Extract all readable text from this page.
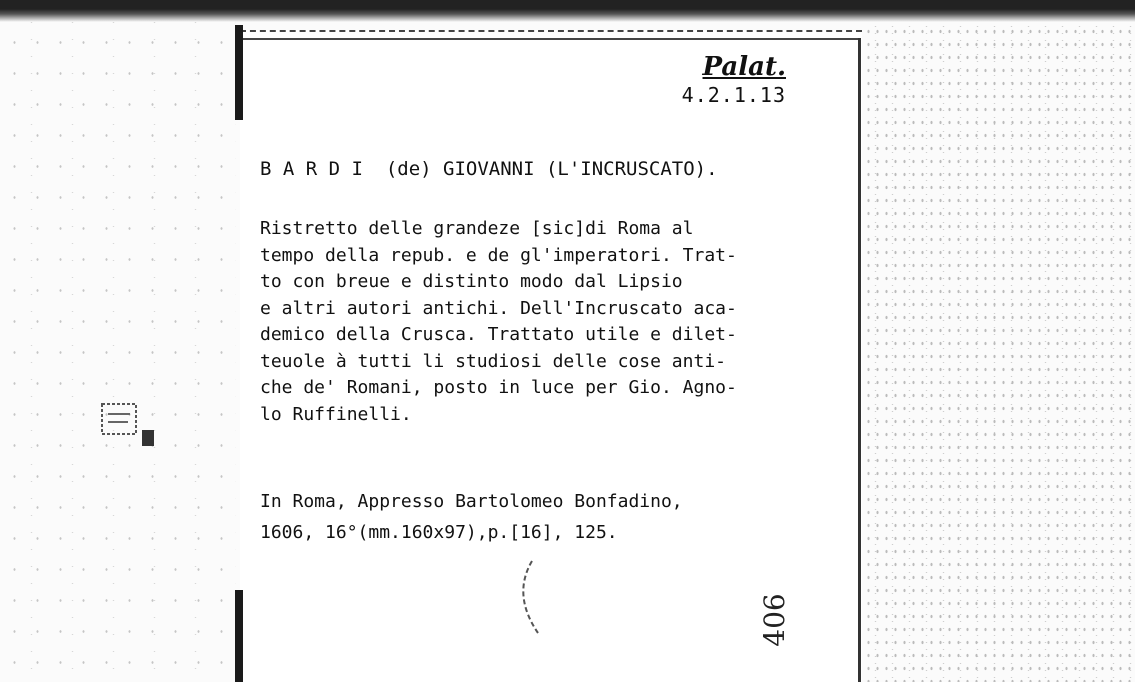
Palat.
4.2.1.13
B A R D I  (de) GIOVANNI (L'INCRUSCATO).
Ristretto delle grandeze [sic]di Roma al
tempo della repub. e de gl'imperatori. Trat-
to con breue e distinto modo dal Lipsio
e altri autori antichi. Dell'Incruscato aca-
demico della Crusca. Trattato utile e dilet-
teuole à tutti li studiosi delle cose anti-
che de' Romani, posto in luce per Gio. Agno-
lo Ruffinelli.
In Roma, Appresso Bartolomeo Bonfadino,
1606, 16°(mm.160x97),p.[16], 125.
406
